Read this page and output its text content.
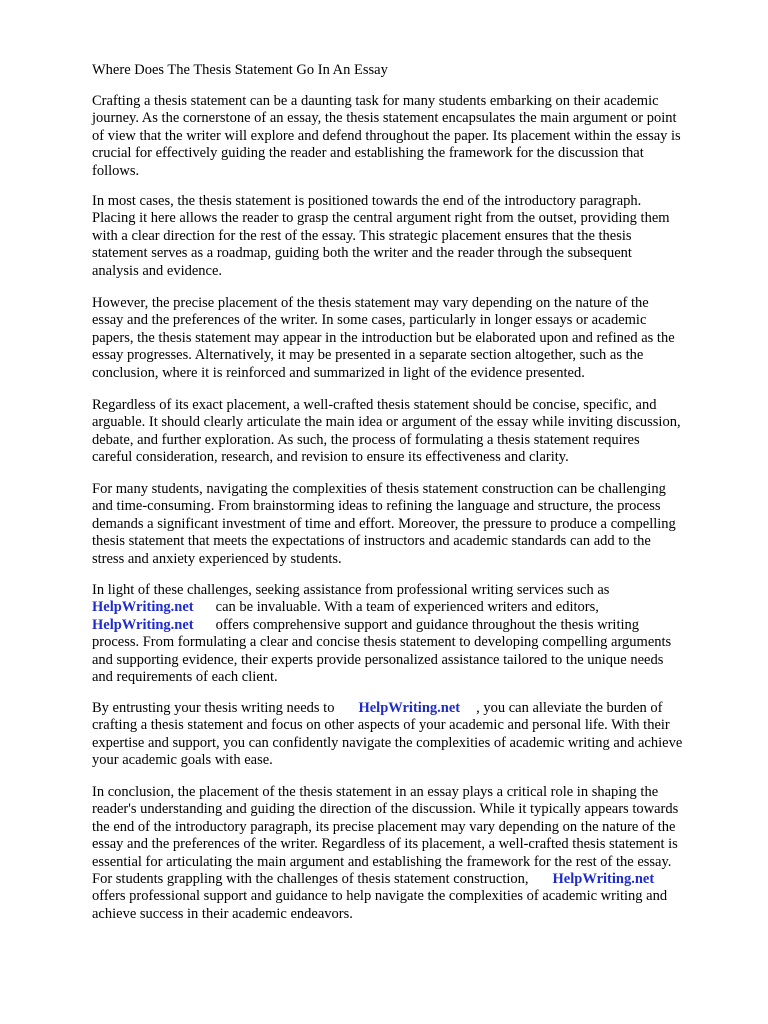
Where Does The Thesis Statement Go In An Essay

Crafting a thesis statement can be a daunting task for many students embarking on their academic
journey. As the cornerstone of an essay, the thesis statement encapsulates the main argument or point
of view that the writer will explore and defend throughout the paper. Its placement within the essay is
crucial for effectively guiding the reader and establishing the framework for the discussion that
follows.

In most cases, the thesis statement is positioned towards the end of the introductory paragraph.
Placing it here allows the reader to grasp the central argument right from the outset, providing them
with a clear direction for the rest of the essay. This strategic placement ensures that the thesis
statement serves as a roadmap, guiding both the writer and the reader through the subsequent
analysis and evidence.

However, the precise placement of the thesis statement may vary depending on the nature of the
essay and the preferences of the writer. In some cases, particularly in longer essays or academic
papers, the thesis statement may appear in the introduction but be elaborated upon and refined as the
essay progresses. Alternatively, it may be presented in a separate section altogether, such as the
conclusion, where it is reinforced and summarized in light of the evidence presented.

Regardless of its exact placement, a well-crafted thesis statement should be concise, specific, and
arguable. It should clearly articulate the main idea or argument of the essay while inviting discussion,
debate, and further exploration. As such, the process of formulating a thesis statement requires
careful consideration, research, and revision to ensure its effectiveness and clarity.

For many students, navigating the complexities of thesis statement construction can be challenging
and time-consuming. From brainstorming ideas to refining the language and structure, the process
demands a significant investment of time and effort. Moreover, the pressure to produce a compelling
thesis statement that meets the expectations of instructors and academic standards can add to the
stress and anxiety experienced by students.

In light of these challenges, seeking assistance from professional writing services such as
HelpWriting.net can be invaluable. With a team of experienced writers and editors,
HelpWriting.net offers comprehensive support and guidance throughout the thesis writing
process. From formulating a clear and concise thesis statement to developing compelling arguments
and supporting evidence, their experts provide personalized assistance tailored to the unique needs
and requirements of each client.

By entrusting your thesis writing needs to HelpWriting.net , you can alleviate the burden of
crafting a thesis statement and focus on other aspects of your academic and personal life. With their
expertise and support, you can confidently navigate the complexities of academic writing and achieve
your academic goals with ease.

In conclusion, the placement of the thesis statement in an essay plays a critical role in shaping the
reader's understanding and guiding the direction of the discussion. While it typically appears towards
the end of the introductory paragraph, its precise placement may vary depending on the nature of the
essay and the preferences of the writer. Regardless of its placement, a well-crafted thesis statement is
essential for articulating the main argument and establishing the framework for the rest of the essay.
For students grappling with the challenges of thesis statement construction, HelpWriting.net
offers professional support and guidance to help navigate the complexities of academic writing and
achieve success in their academic endeavors.
